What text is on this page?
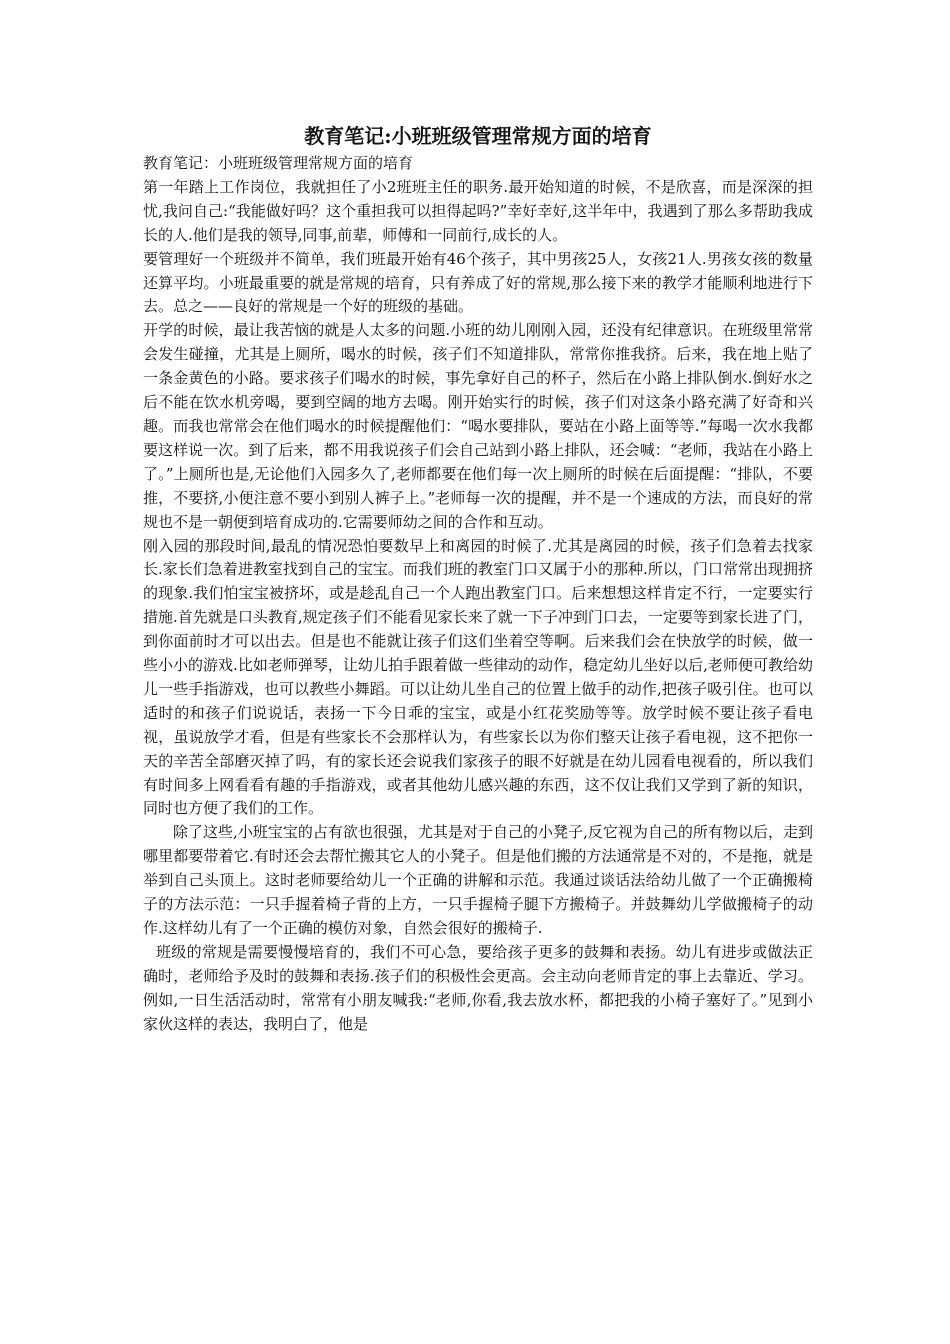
教育笔记:小班班级管理常规方面的培育

教育笔记：小班班级管理常规方面的培育

第一年踏上工作岗位，我就担任了小2班班主任的职务.最开始知道的时候，不是欣喜，而是深深的担忧,我问自己:“我能做好吗？这个重担我可以担得起吗?”幸好幸好,这半年中，我遇到了那么多帮助我成长的人.他们是我的领导,同事,前辈，师傅和一同前行,成长的人。

要管理好一个班级并不简单，我们班最开始有46个孩子，其中男孩25人，女孩21人.男孩女孩的数量还算平均。小班最重要的就是常规的培育，只有养成了好的常规,那么接下来的教学才能顺利地进行下去。总之——良好的常规是一个好的班级的基础。

开学的时候，最让我苦恼的就是人太多的问题.小班的幼儿刚刚入园，还没有纪律意识。在班级里常常会发生碰撞，尤其是上厕所，喝水的时候，孩子们不知道排队，常常你推我挤。后来，我在地上贴了一条金黄色的小路。要求孩子们喝水的时候，事先拿好自己的杯子，然后在小路上排队倒水.倒好水之后不能在饮水机旁喝，要到空阔的地方去喝。刚开始实行的时候，孩子们对这条小路充满了好奇和兴趣。而我也常常会在他们喝水的时候提醒他们：“喝水要排队，要站在小路上面等等.”每喝一次水我都要这样说一次。到了后来，都不用我说孩子们会自己站到小路上排队，还会喊：“老师，我站在小路上了。”上厕所也是,无论他们入园多久了,老师都要在他们每一次上厕所的时候在后面提醒：“排队，不要推，不要挤,小便注意不要小到别人裤子上。”老师每一次的提醒，并不是一个速成的方法，而良好的常规也不是一朝便到培育成功的.它需要师幼之间的合作和互动。

刚入园的那段时间,最乱的情况恐怕要数早上和离园的时候了.尤其是离园的时候，孩子们急着去找家长.家长们急着进教室找到自己的宝宝。而我们班的教室门口又属于小的那种.所以，门口常常出现拥挤的现象.我们怕宝宝被挤坏，或是趁乱自己一个人跑出教室门口。后来想想这样肯定不行，一定要实行措施.首先就是口头教育,规定孩子们不能看见家长来了就一下子冲到门口去，一定要等到家长进了门，到你面前时才可以出去。但是也不能就让孩子们这们坐着空等啊。后来我们会在快放学的时候，做一些小小的游戏.比如老师弹琴，让幼儿拍手跟着做一些律动的动作，稳定幼儿坐好以后,老师便可教给幼儿一些手指游戏，也可以教些小舞蹈。可以让幼儿坐自己的位置上做手的动作,把孩子吸引住。也可以适时的和孩子们说说话，表扬一下今日乖的宝宝，或是小红花奖励等等。放学时候不要让孩子看电视，虽说放学才看，但是有些家长不会那样认为，有些家长以为你们整天让孩子看电视，这不把你一天的辛苦全部磨灭掉了吗，有的家长还会说我们家孩子的眼不好就是在幼儿园看电视看的，所以我们有时间多上网看看有趣的手指游戏，或者其他幼儿感兴趣的东西，这不仅让我们又学到了新的知识，同时也方便了我们的工作。

除了这些,小班宝宝的占有欲也很强，尤其是对于自己的小凳子,反它视为自己的所有物以后，走到哪里都要带着它.有时还会去帮忙搬其它人的小凳子。但是他们搬的方法通常是不对的，不是拖，就是举到自己头顶上。这时老师要给幼儿一个正确的讲解和示范。我通过谈话法给幼儿做了一个正确搬椅子的方法示范：一只手握着椅子背的上方，一只手握椅子腿下方搬椅子。并鼓舞幼儿学做搬椅子的动作.这样幼儿有了一个正确的模仿对象，自然会很好的搬椅子.

班级的常规是需要慢慢培育的，我们不可心急，要给孩子更多的鼓舞和表扬。幼儿有进步或做法正确时，老师给予及时的鼓舞和表扬.孩子们的积极性会更高。会主动向老师肯定的事上去靠近、学习。例如,一日生活活动时，常常有小朋友喊我:“老师,你看,我去放水杯，都把我的小椅子塞好了。”见到小家伙这样的表达，我明白了，他是
